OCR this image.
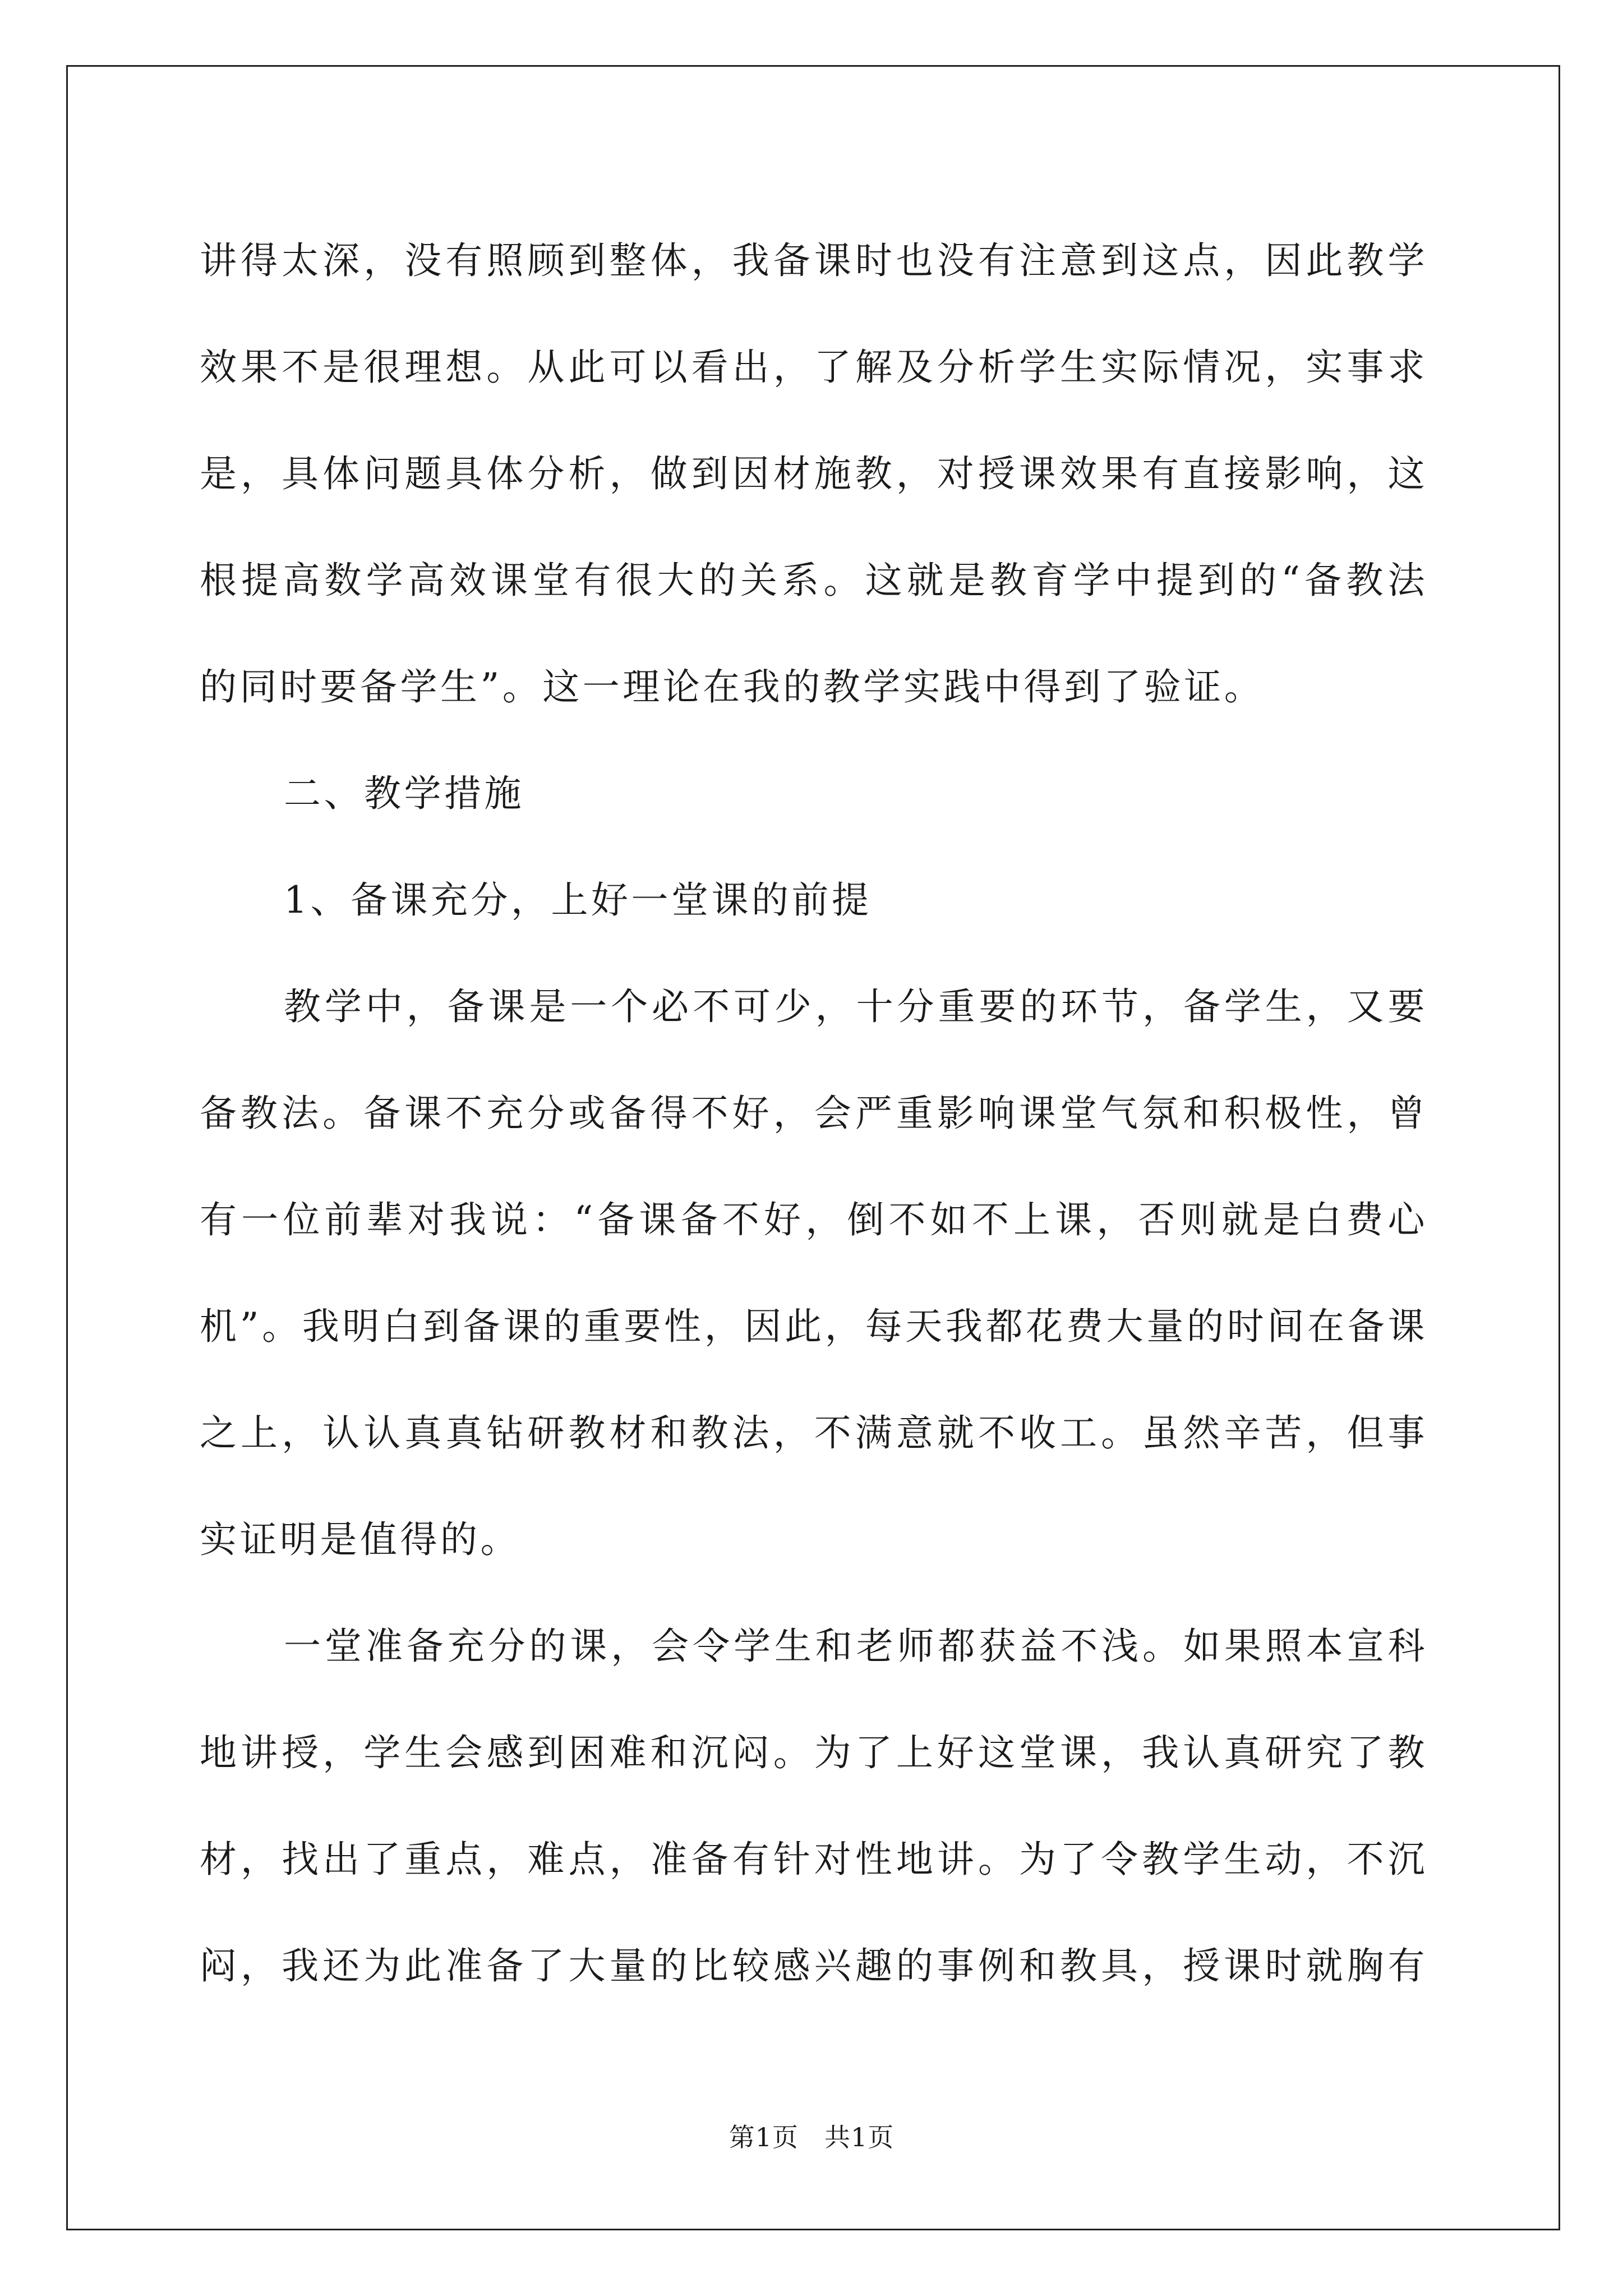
讲得太深，没有照顾到整体，我备课时也没有注意到这点，因此教学
效果不是很理想。从此可以看出，了解及分析学生实际情况，实事求
是，具体问题具体分析，做到因材施教，对授课效果有直接影响，这
根提高数学高效课堂有很大的关系。这就是教育学中提到的“备教法
的同时要备学生”。这一理论在我的教学实践中得到了验证。
二、教学措施
1、备课充分，上好一堂课的前提
教学中，备课是一个必不可少，十分重要的环节，备学生，又要
备教法。备课不充分或备得不好，会严重影响课堂气氛和积极性，曾
有一位前辈对我说：“备课备不好，倒不如不上课，否则就是白费心
机”。我明白到备课的重要性，因此，每天我都花费大量的时间在备课
之上，认认真真钻研教材和教法，不满意就不收工。虽然辛苦，但事
实证明是值得的。
一堂准备充分的课，会令学生和老师都获益不浅。如果照本宣科
地讲授，学生会感到困难和沉闷。为了上好这堂课，我认真研究了教
材，找出了重点，难点，准备有针对性地讲。为了令教学生动，不沉
闷，我还为此准备了大量的比较感兴趣的事例和教具，授课时就胸有
第1页 共1页
